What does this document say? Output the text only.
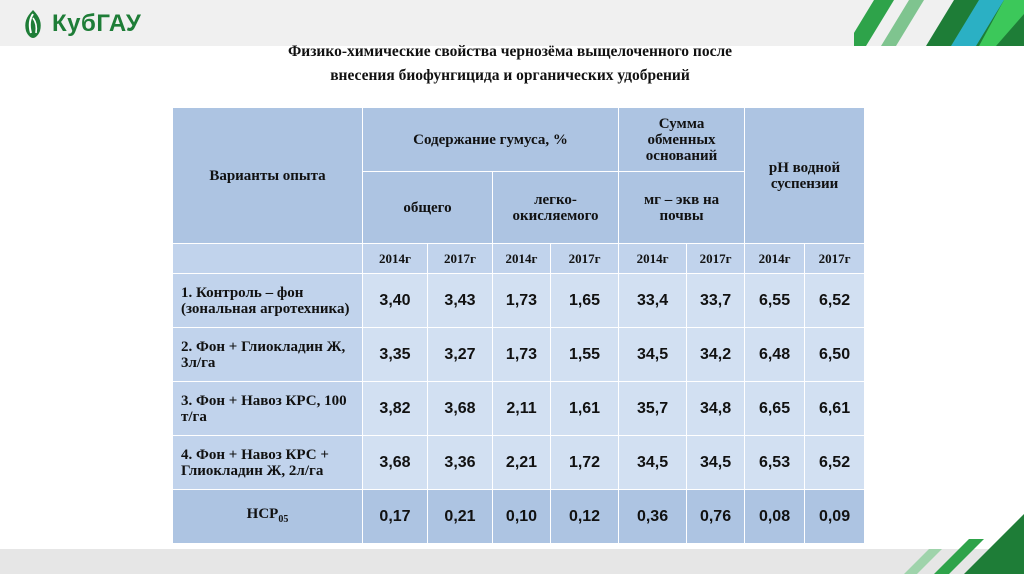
КубГАУ
Физико-химические свойства чернозёма выщелоченного после
внесения биофунгицида и органических удобрений
Варианты опыта	Содержание гумуса, %				Сумма обменных оснований		pH водной суспензии	
	общего		легко-окисляемого		мг – экв на почвы			
	2014г	2017г	2014г	2017г	2014г	2017г	2014г	2017г
1. Контроль – фон (зональная агротехника)	3,40	3,43	1,73	1,65	33,4	33,7	6,55	6,52
2. Фон + Глиокладин Ж, 3л/га	3,35	3,27	1,73	1,55	34,5	34,2	6,48	6,50
3. Фон + Навоз КРС, 100 т/га	3,82	3,68	2,11	1,61	35,7	34,8	6,65	6,61
4. Фон + Навоз КРС + Глиокладин Ж, 2л/га	3,68	3,36	2,21	1,72	34,5	34,5	6,53	6,52
$НСР_{05}$	0,17	0,21	0,10	0,12	0,36	0,76	0,08	0,09
